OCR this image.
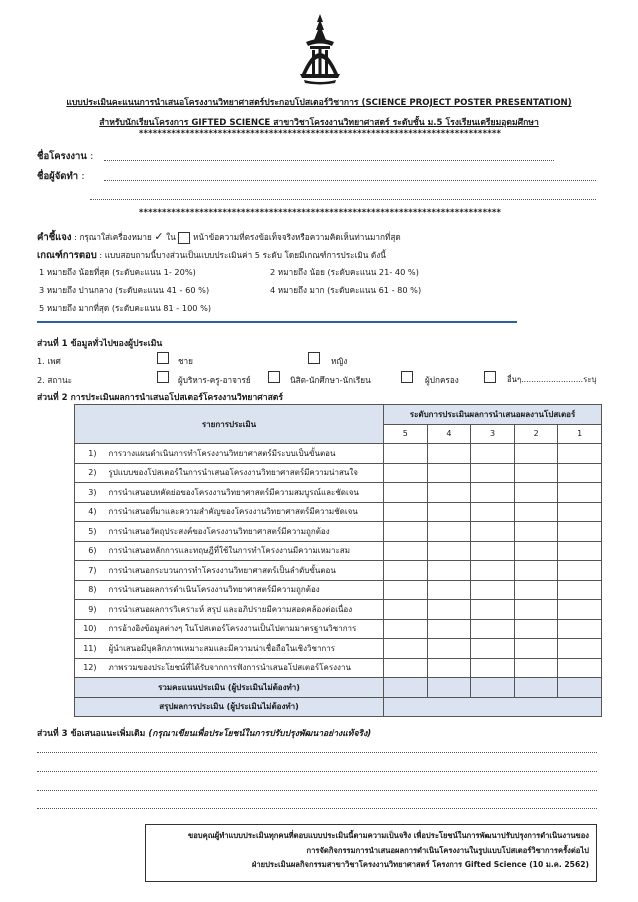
แบบประเมินคะแนนการนำเสนอโครงงานวิทยาศาสตร์ประกอบโปสเตอร์วิชาการ (SCIENCE PROJECT POSTER PRESENTATION)
สำหรับนักเรียนโครงการ GIFTED SCIENCE สาขาวิชาโครงงานวิทยาศาสตร์ ระดับชั้น ม.5 โรงเรียนเตรียมอุดมศึกษา
******************************************************************************
ชื่อโครงงาน :
ชื่อผู้จัดทำ :
******************************************************************************
คำชี้แจง : กรุณาใส่เครื่องหมาย ✓ ใน หน้าข้อความที่ตรงข้อเท็จจริงหรือความคิดเห็นท่านมากที่สุด
เกณฑ์การตอบ : แบบสอบถามนี้บางส่วนเป็นแบบประเมินค่า 5 ระดับ โดยมีเกณฑ์การประเมิน ดังนี้
1 หมายถึง น้อยที่สุด (ระดับคะแนน 1- 20%)	2 หมายถึง น้อย (ระดับคะแนน 21- 40 %)
3 หมายถึง ปานกลาง (ระดับคะแนน 41 - 60 %)	4 หมายถึง มาก (ระดับคะแนน 61 - 80 %)
5 หมายถึง มากที่สุด (ระดับคะแนน 81 - 100 %)
ส่วนที่ 1 ข้อมูลทั่วไปของผู้ประเมิน
1. เพศ	ชาย	หญิง
2. สถานะ	ผู้บริหาร-ครู-อาจารย์	นิสิต-นักศึกษา-นักเรียน	ผู้ปกครอง	อื่นๆ.........................ระบุ
ส่วนที่ 2 การประเมินผลการนำเสนอโปสเตอร์โครงงานวิทยาศาสตร์
รายการประเมิน		ระดับการประเมินผลการนำเสนอผลงานโปสเตอร์				
		5	4	3	2	1
1)	การวางแผนดำเนินการทำโครงงานวิทยาศาสตร์มีระบบเป็นขั้นตอน					
2)	รูปแบบของโปสเตอร์ในการนำเสนอโครงงานวิทยาศาสตร์มีความน่าสนใจ					
3)	การนำเสนอบทคัดย่อของโครงงานวิทยาศาสตร์มีความสมบูรณ์และชัดเจน					
4)	การนำเสนอที่มาและความสำคัญของโครงงานวิทยาศาสตร์มีความชัดเจน					
5)	การนำเสนอวัตถุประสงค์ของโครงงานวิทยาศาสตร์มีความถูกต้อง					
6)	การนำเสนอหลักการและทฤษฎีที่ใช้ในการทำโครงงานมีความเหมาะสม					
7)	การนำเสนอกระบวนการทำโครงงานวิทยาศาสตร์เป็นลำดับขั้นตอน					
8)	การนำเสนอผลการดำเนินโครงงานวิทยาศาสตร์มีความถูกต้อง					
9)	การนำเสนอผลการวิเคราะห์ สรุป และอภิปรายมีความสอดคล้องต่อเนื่อง					
10)	การอ้างอิงข้อมูลต่างๆ ในโปสเตอร์โครงงานเป็นไปตามมาตรฐานวิชาการ					
11)	ผู้นำเสนอมีบุคลิกภาพเหมาะสมและมีความน่าเชื่อถือในเชิงวิชาการ					
12)	ภาพรวมของประโยชน์ที่ได้รับจากการฟังการนำเสนอโปสเตอร์โครงงาน					
รวมคะแนนประเมิน (ผู้ประเมินไม่ต้องทำ)						
สรุปผลการประเมิน (ผู้ประเมินไม่ต้องทำ)						
ส่วนที่ 3 ข้อเสนอแนะเพิ่มเติม (กรุณาเขียนเพื่อประโยชน์ในการปรับปรุงพัฒนาอย่างแท้จริง)
ขอบคุณผู้ทำแบบประเมินทุกคนที่ตอบแบบประเมินนี้ตามความเป็นจริง เพื่อประโยชน์ในการพัฒนาปรับปรุงการดำเนินงานของ
การจัดกิจกรรมการนำเสนอผลการดำเนินโครงงานในรูปแบบโปสเตอร์วิชาการครั้งต่อไป
ฝ่ายประเมินผลกิจกรรมสาขาวิชาโครงงานวิทยาศาสตร์ โครงการ Gifted Science (10 ม.ค. 2562)
